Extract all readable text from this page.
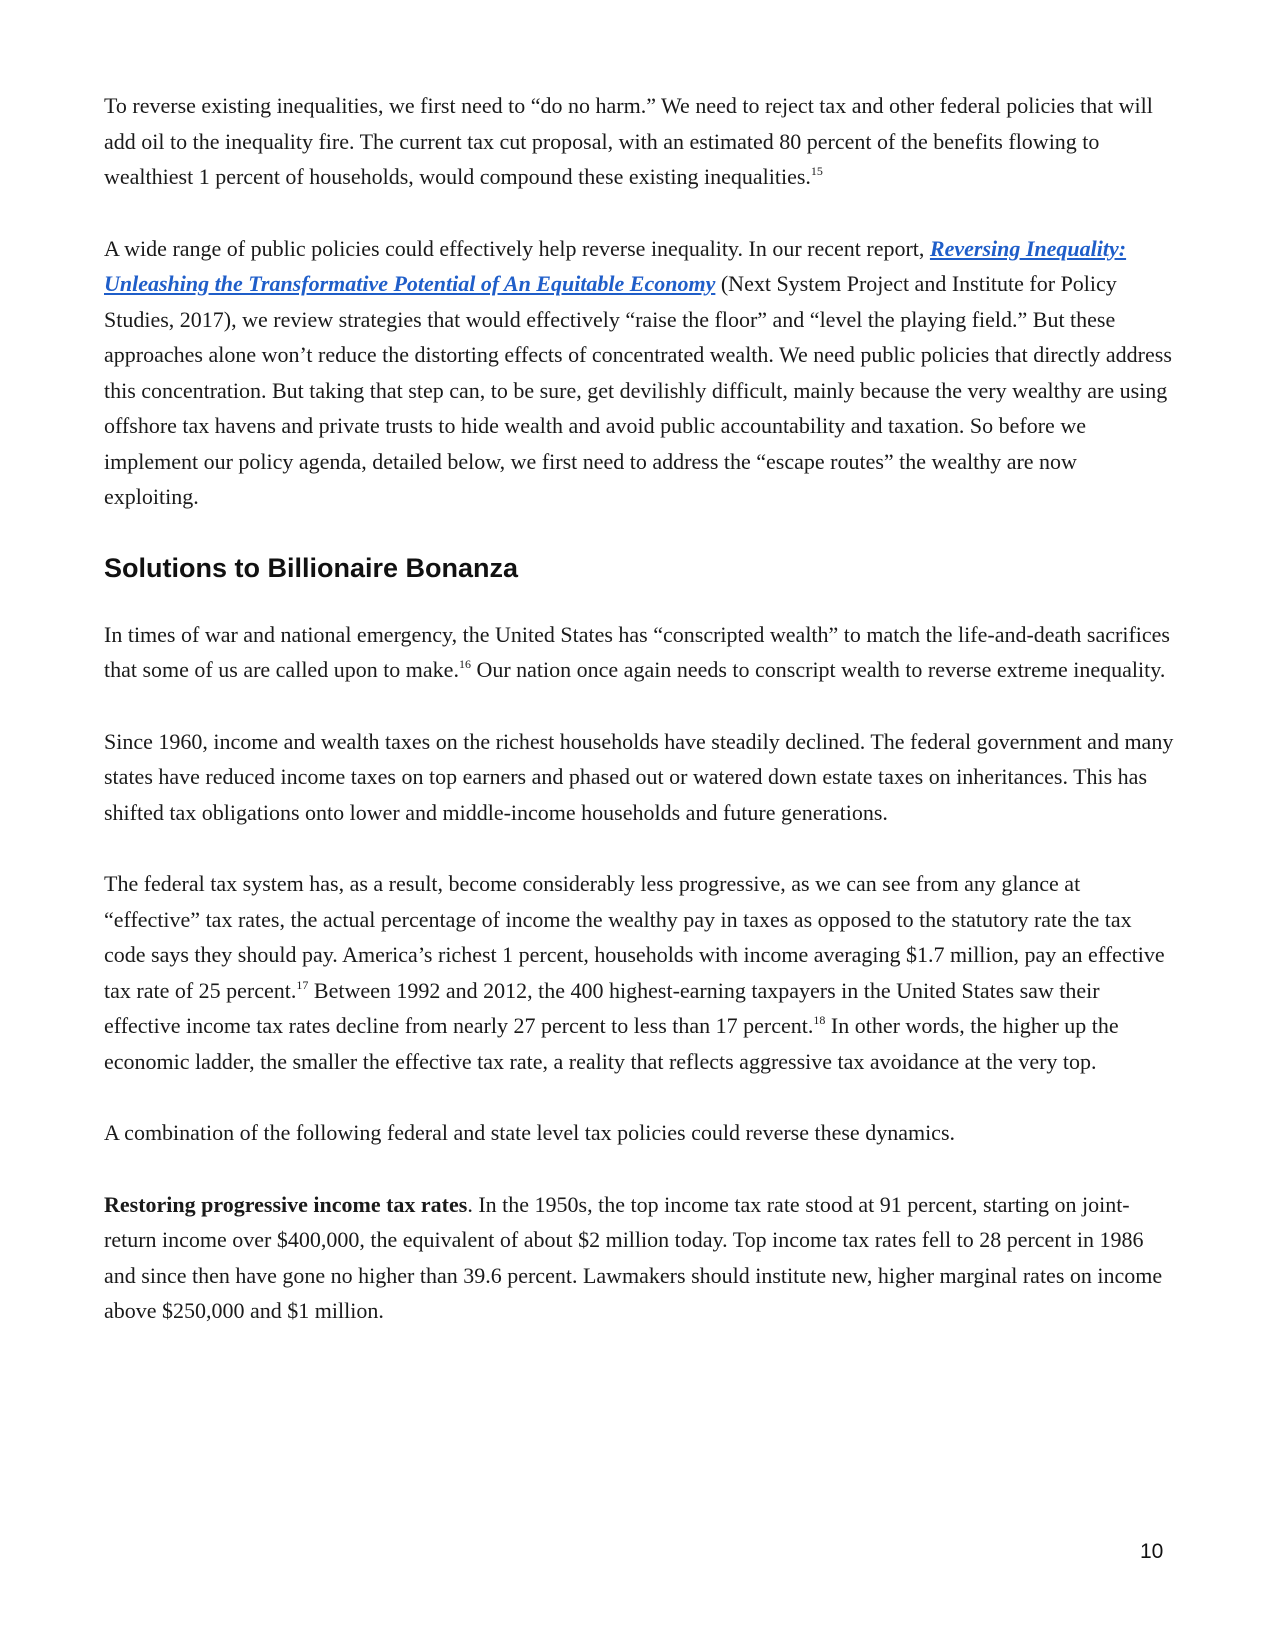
To reverse existing inequalities, we first need to “do no harm.” We need to reject tax and other federal policies that will add oil to the inequality fire. The current tax cut proposal, with an estimated 80 percent of the benefits flowing to wealthiest 1 percent of households, would compound these existing inequalities.$^{15}$

A wide range of public policies could effectively help reverse inequality. In our recent report, Reversing Inequality: Unleashing the Transformative Potential of An Equitable Economy (Next System Project and Institute for Policy Studies, 2017), we review strategies that would effectively “raise the floor” and “level the playing field.” But these approaches alone won’t reduce the distorting effects of concentrated wealth. We need public policies that directly address this concentration. But taking that step can, to be sure, get devilishly difficult, mainly because the very wealthy are using offshore tax havens and private trusts to hide wealth and avoid public accountability and taxation. So before we implement our policy agenda, detailed below, we first need to address the “escape routes” the wealthy are now exploiting.

Solutions to Billionaire Bonanza

In times of war and national emergency, the United States has “conscripted wealth” to match the life-and-death sacrifices that some of us are called upon to make.$^{16}$ Our nation once again needs to conscript wealth to reverse extreme inequality.

Since 1960, income and wealth taxes on the richest households have steadily declined. The federal government and many states have reduced income taxes on top earners and phased out or watered down estate taxes on inheritances. This has shifted tax obligations onto lower and middle-income households and future generations.

The federal tax system has, as a result, become considerably less progressive, as we can see from any glance at “effective” tax rates, the actual percentage of income the wealthy pay in taxes as opposed to the statutory rate the tax code says they should pay. America’s richest 1 percent, households with income averaging $1.7 million, pay an effective tax rate of 25 percent.$^{17}$ Between 1992 and 2012, the 400 highest-earning taxpayers in the United States saw their effective income tax rates decline from nearly 27 percent to less than 17 percent.$^{18}$ In other words, the higher up the economic ladder, the smaller the effective tax rate, a reality that reflects aggressive tax avoidance at the very top.

A combination of the following federal and state level tax policies could reverse these dynamics.

Restoring progressive income tax rates. In the 1950s, the top income tax rate stood at 91 percent, starting on joint-return income over $400,000, the equivalent of about $2 million today. Top income tax rates fell to 28 percent in 1986 and since then have gone no higher than 39.6 percent. Lawmakers should institute new, higher marginal rates on income above $250,000 and $1 million.

10
